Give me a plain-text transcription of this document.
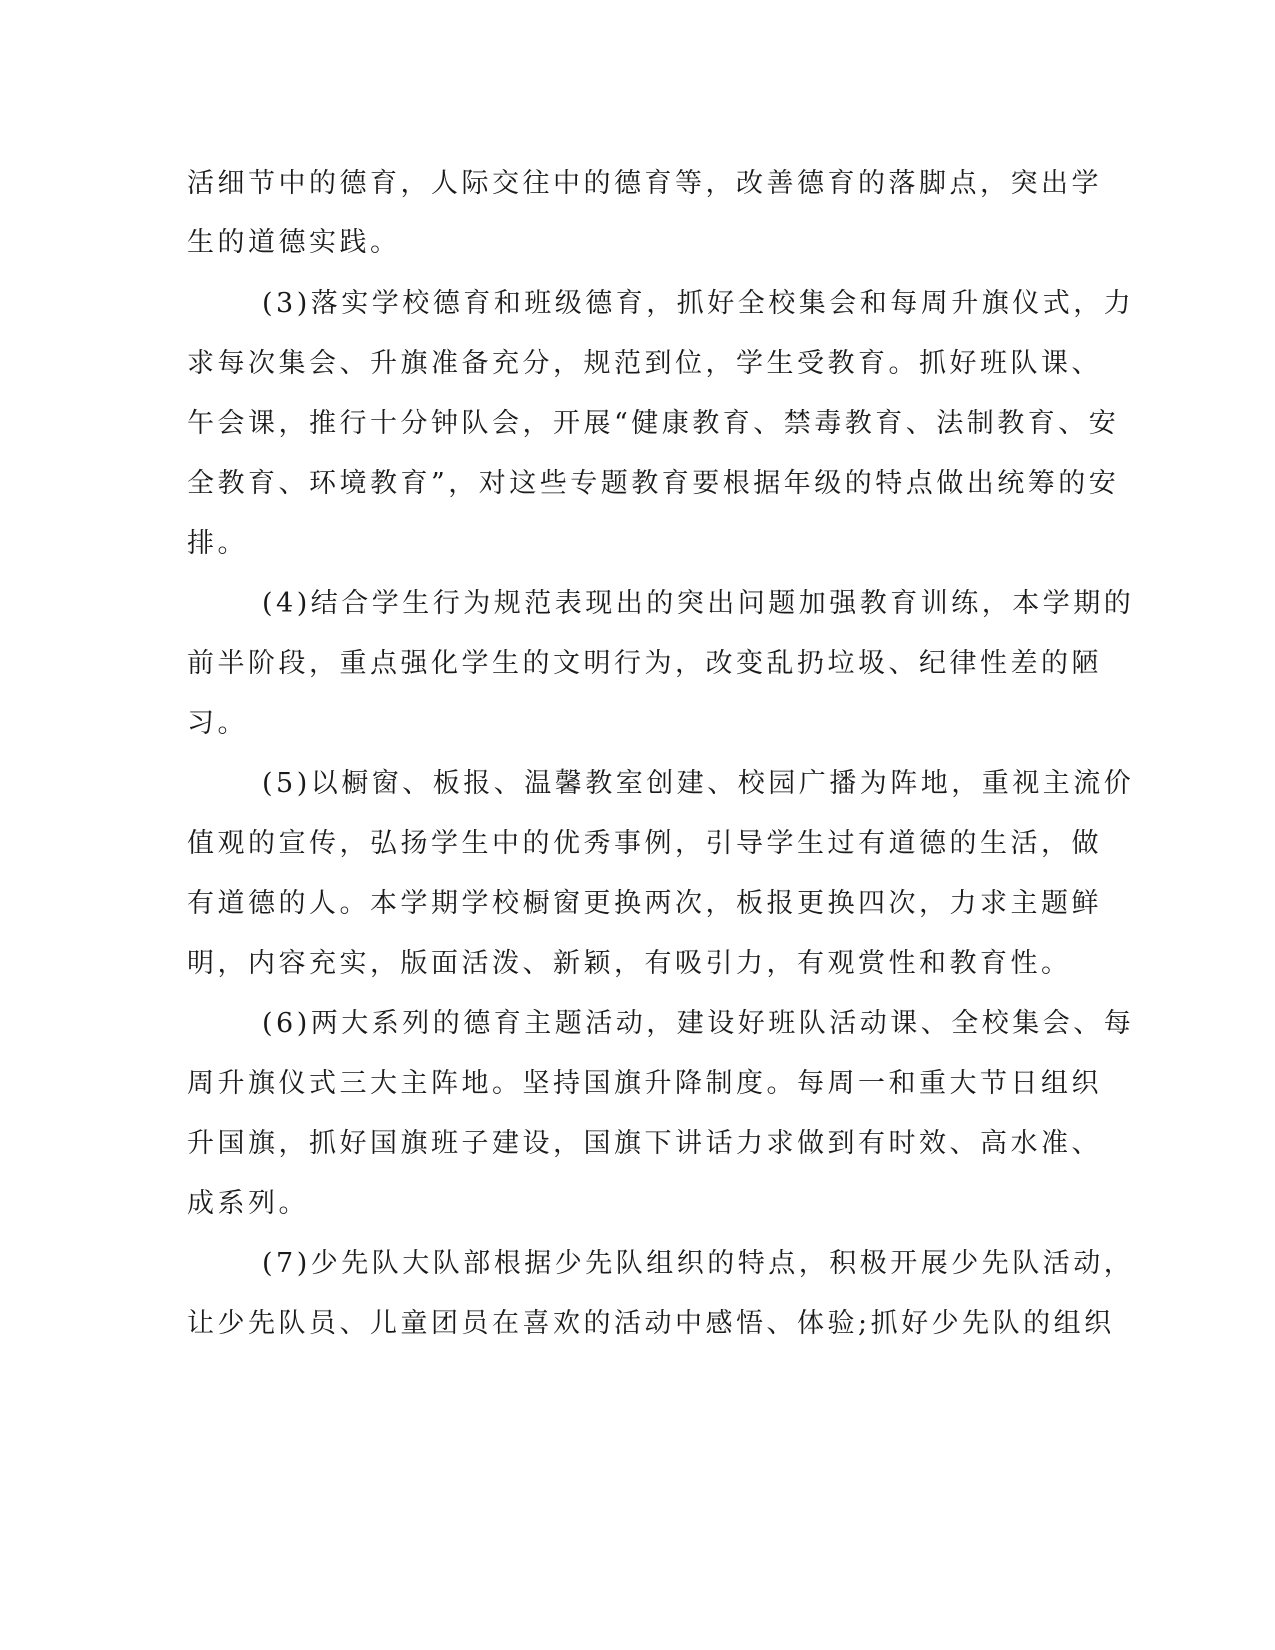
活细节中的德育，人际交往中的德育等，改善德育的落脚点，突出学
生的道德实践。
(3)落实学校德育和班级德育，抓好全校集会和每周升旗仪式，力
求每次集会、升旗准备充分，规范到位，学生受教育。抓好班队课、
午会课，推行十分钟队会，开展“健康教育、禁毒教育、法制教育、安
全教育、环境教育”，对这些专题教育要根据年级的特点做出统筹的安
排。
(4)结合学生行为规范表现出的突出问题加强教育训练，本学期的
前半阶段，重点强化学生的文明行为，改变乱扔垃圾、纪律性差的陋
习。
(5)以橱窗、板报、温馨教室创建、校园广播为阵地，重视主流价
值观的宣传，弘扬学生中的优秀事例，引导学生过有道德的生活，做
有道德的人。本学期学校橱窗更换两次，板报更换四次，力求主题鲜
明，内容充实，版面活泼、新颖，有吸引力，有观赏性和教育性。
(6)两大系列的德育主题活动，建设好班队活动课、全校集会、每
周升旗仪式三大主阵地。坚持国旗升降制度。每周一和重大节日组织
升国旗，抓好国旗班子建设，国旗下讲话力求做到有时效、高水准、
成系列。
(7)少先队大队部根据少先队组织的特点，积极开展少先队活动，
让少先队员、儿童团员在喜欢的活动中感悟、体验;抓好少先队的组织
